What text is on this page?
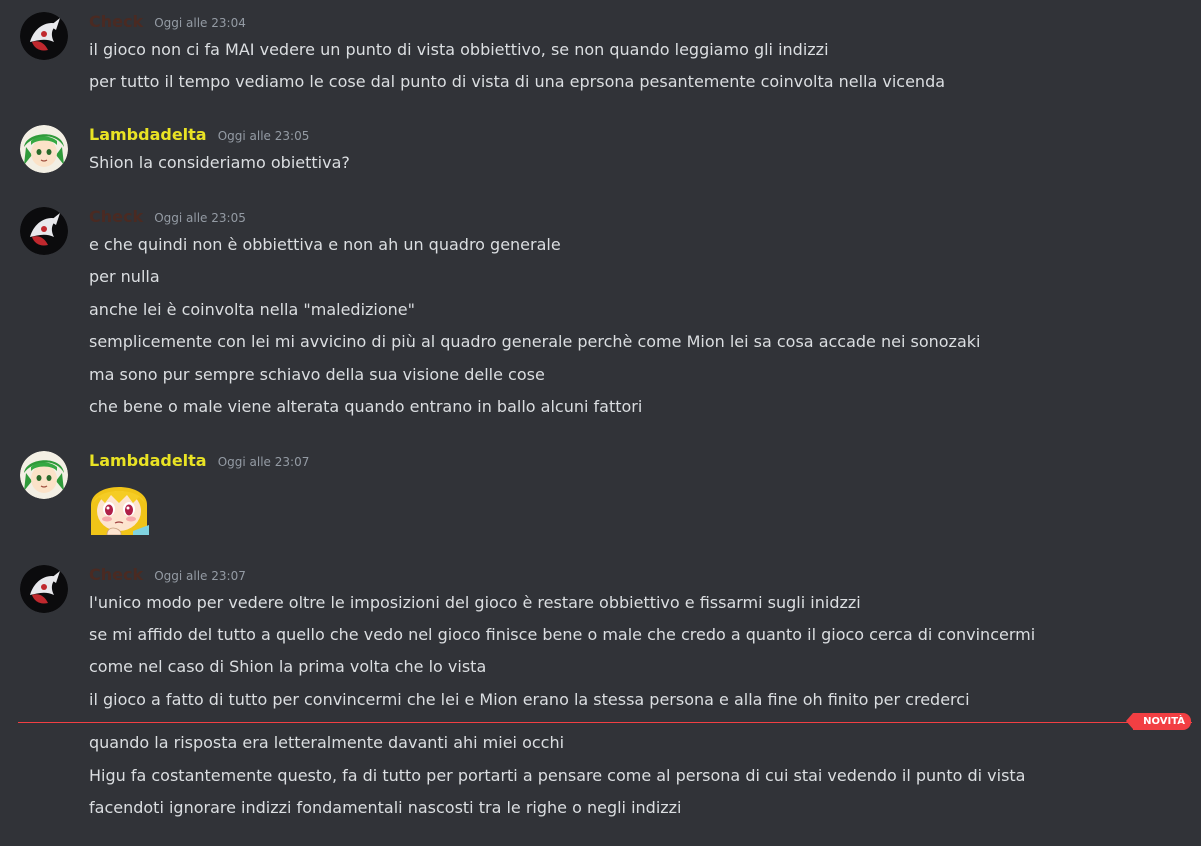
Check Oggi alle 23:04
il gioco non ci fa MAI vedere un punto di vista obbiettivo, se non quando leggiamo gli indizzi
per tutto il tempo vediamo le cose dal punto di vista di una eprsona pesantemente coinvolta nella vicenda
Lambdadelta Oggi alle 23:05
Shion la consideriamo obiettiva?
Check Oggi alle 23:05
e che quindi non è obbiettiva e non ah un quadro generale
per nulla
anche lei è coinvolta nella "maledizione"
semplicemente con lei mi avvicino di più al quadro generale perchè come Mion lei sa cosa accade nei sonozaki
ma sono pur sempre schiavo della sua visione delle cose
che bene o male viene alterata quando entrano in ballo alcuni fattori
Lambdadelta Oggi alle 23:07
Check Oggi alle 23:07
l'unico modo per vedere oltre le imposizioni del gioco è restare obbiettivo e fissarmi sugli inidzzi
se mi affido del tutto a quello che vedo nel gioco finisce bene o male che credo a quanto il gioco cerca di convincermi
come nel caso di Shion la prima volta che lo vista
il gioco a fatto di tutto per convincermi che lei e Mion erano la stessa persona e alla fine oh finito per crederci
NOVITÀ
quando la risposta era letteralmente davanti ahi miei occhi
Higu fa costantemente questo, fa di tutto per portarti a pensare come al persona di cui stai vedendo il punto di vista
facendoti ignorare indizzi fondamentali nascosti tra le righe o negli indizzi
